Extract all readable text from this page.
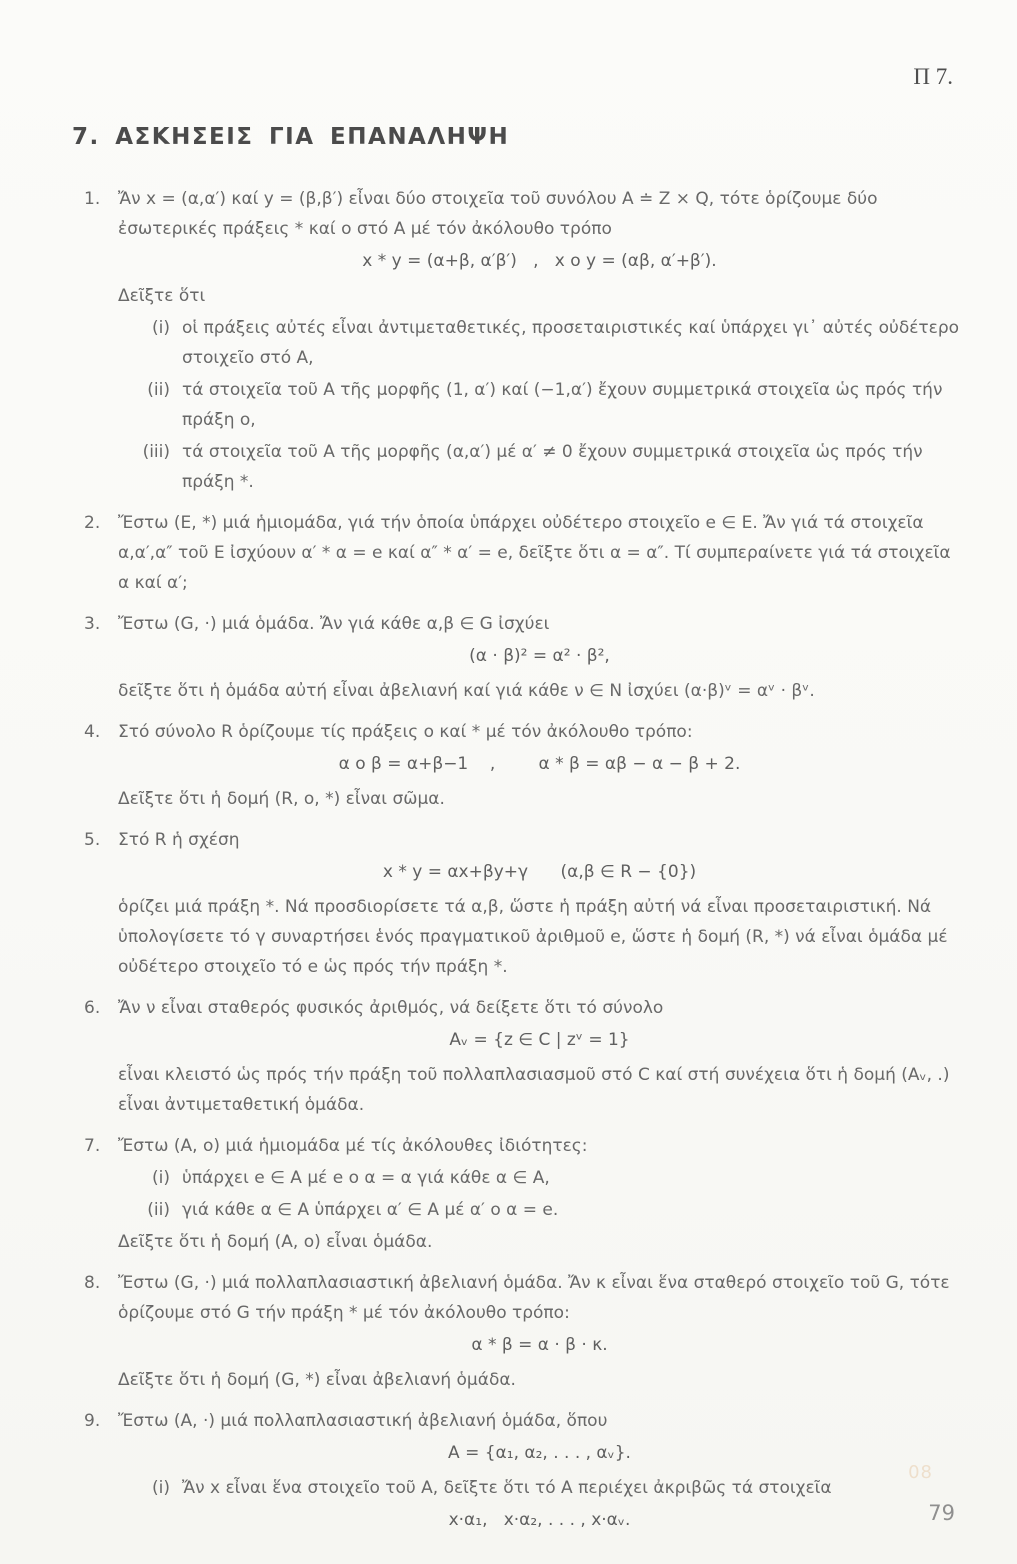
Π 7.
7. ΑΣΚΗΣΕΙΣ ΓΙΑ ΕΠΑΝΑΛΗΨΗ
1.	Ἄν x = (α,α′) καί y = (β,β′) εἶναι δύο στοιχεῖα τοῦ συνόλου A ≐ Z × Q, τότε ὁρίζουμε δύο ἐσωτερικές πράξεις * καί ο στό Α μέ τόν ἀκόλουθο τρόπο

x * y = (α+β, α′β′)   ,   x o y = (αβ, α′+β′).

Δεῖξτε ὅτι

(i) οἱ πράξεις αὐτές εἶναι ἀντιμεταθετικές, προσεταιριστικές καί ὑπάρχει γι᾽ αὐτές οὐδέτερο στοιχεῖο στό Α,
(ii) τά στοιχεῖα τοῦ Α τῆς μορφῆς (1, α′) καί (−1,α′) ἔχουν συμμετρικά στοιχεῖα ὡς πρός τήν πράξη ο,
(iii) τά στοιχεῖα τοῦ Α τῆς μορφῆς (α,α′) μέ α′ ≠ 0 ἔχουν συμμετρικά στοιχεῖα ὡς πρός τήν πράξη *.
2.	Ἔστω (Ε, *) μιά ἡμιομάδα, γιά τήν ὁποία ὑπάρχει οὐδέτερο στοιχεῖο e ∈ E. Ἄν γιά τά στοιχεῖα α,α′,α″ τοῦ Ε ἰσχύουν α′ * α = e καί α″ * α′ = e, δεῖξτε ὅτι α = α″. Τί συμπεραίνετε γιά τά στοιχεῖα α καί α′;

3.	Ἔστω (G, ·) μιά ὁμάδα. Ἄν γιά κάθε α,β ∈ G ἰσχύει

(α · β)² = α² · β²,

δεῖξτε ὅτι ἡ ὁμάδα αὐτή εἶναι ἀβελιανή καί γιά κάθε ν ∈ N ἰσχύει (α·β)ᵛ = αᵛ · βᵛ.

4.	Στό σύνολο R ὁρίζουμε τίς πράξεις ο καί * μέ τόν ἀκόλουθο τρόπο:

α ο β = α+β−1    ,        α * β = αβ − α − β + 2.

Δεῖξτε ὅτι ἡ δομή (R, ο, *) εἶναι σῶμα.

5.	Στό R ἡ σχέση

x * y = αx+βy+γ      (α,β ∈ R − {0})

ὁρίζει μιά πράξη *. Νά προσδιορίσετε τά α,β, ὥστε ἡ πράξη αὐτή νά εἶναι προσεταιριστική. Νά ὑπολογίσετε τό γ συναρτήσει ἑνός πραγματικοῦ ἀριθμοῦ e, ὥστε ἡ δομή (R, *) νά εἶναι ὁμάδα μέ οὐδέτερο στοιχεῖο τό e ὡς πρός τήν πράξη *.

6.	Ἄν ν εἶναι σταθερός φυσικός ἀριθμός, νά δείξετε ὅτι τό σύνολο

Aᵥ = {z ∈ C | zᵛ = 1}

εἶναι κλειστό ὡς πρός τήν πράξη τοῦ πολλαπλασιασμοῦ στό C καί στή συνέχεια ὅτι ἡ δομή (Aᵥ, .) εἶναι ἀντιμεταθετική ὁμάδα.

7.	Ἔστω (Α, ο) μιά ἡμιομάδα μέ τίς ἀκόλουθες ἰδιότητες:

(i) ὑπάρχει e ∈ A μέ e ο α = α γιά κάθε α ∈ A,
(ii) γιά κάθε α ∈ A ὑπάρχει α′ ∈ A μέ α′ ο α = e.

Δεῖξτε ὅτι ἡ δομή (Α, ο) εἶναι ὁμάδα.

8.	Ἔστω (G, ·) μιά πολλαπλασιαστική ἀβελιανή ὁμάδα. Ἄν κ εἶναι ἕνα σταθερό στοιχεῖο τοῦ G, τότε ὁρίζουμε στό G τήν πράξη * μέ τόν ἀκόλουθο τρόπο:

α * β = α · β · κ.

Δεῖξτε ὅτι ἡ δομή (G, *) εἶναι ἀβελιανή ὁμάδα.

9.	Ἔστω (Α, ·) μιά πολλαπλασιαστική ἀβελιανή ὁμάδα, ὅπου

A = {α₁, α₂, . . . , αᵥ}.

(i) Ἄν x εἶναι ἕνα στοιχεῖο τοῦ Α, δεῖξτε ὅτι τό Α περιέχει ἀκριβῶς τά στοιχεῖα

x·α₁,   x·α₂, . . . , x·αᵥ.

08
79
